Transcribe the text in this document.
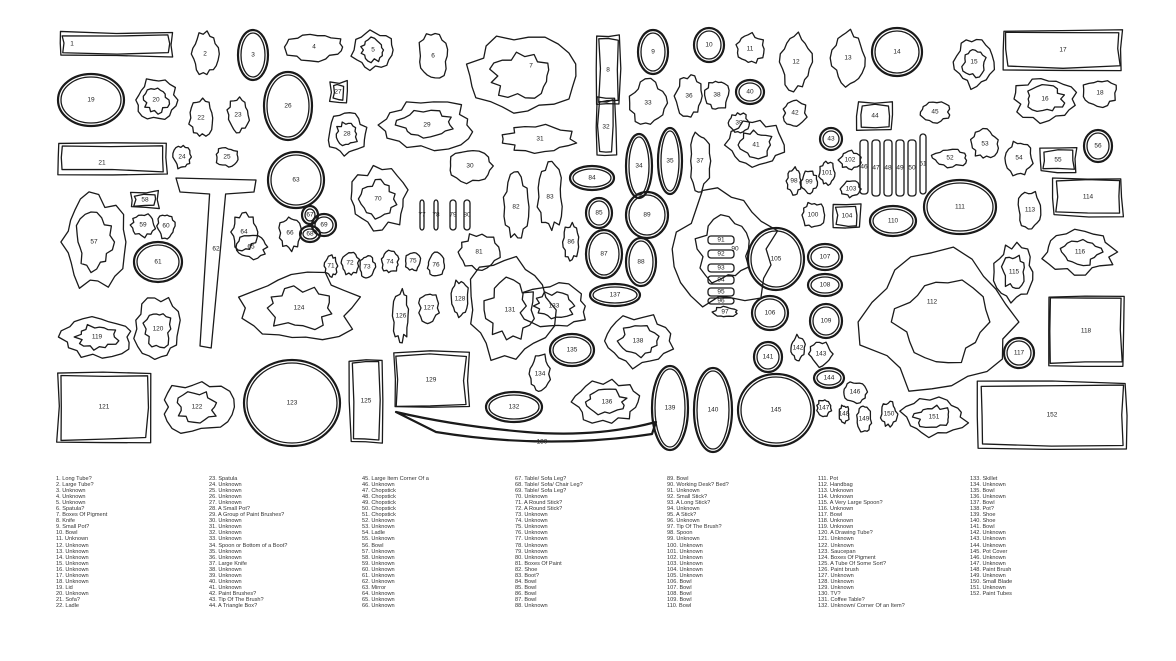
1
2	3
4	5
6
7
8
9
10
11
12
13
14
15
16
17
18
19	20
21
22	23
24	25
26
27
28
29
30
31
32
33
34
35
36
37
38
39
40
41
42
43
44
45
46 47 48 49 50
51
52
53
54	55
56
57
58
59 60
61
62
63
64
65
66
67
68
69
70
71 72
73
74 75
76
77 78 79 80
81
82
83
84
85
86
87
88
89
90
91
92
93
94
95
96
97
98 99
100
101
102
103
104
105
106
107
108
109
110
111
112
113
114
115
116
117
118
119
120
121	122
123
124
125
126
127
128
129
130
131
132
133
134
135
136
137
138
139	140
141
142
143
144
145
146
147
148
149
150	151	152
1. Long Tube?
2. Large Tube?
3. Unknown
4. Unknown
5. Unknown
6. Spatula?
7. Boxes Of Pigment
8. Knife
9. Small Pot?
10. Bowl
11. Unknown
12. Unknown
13. Unknown
14. Unknown
15. Unknown
16. Unknown
17. Unknown
18. Unknown
19. Lid
20. Unknown
21. Sofa?
22. Ladle
23. Spatula
24. Unknown
25. Unknown
26. Unknown
27. Unknown
28. A Small Pot?
29. A Group of Paint Brushes?
30. Unknown
31. Unknown
32. Unknown
33. Unknown
34. Spoon or Bottom of a Boot?
35. Unknown
36. Unknown
37. Large Knife
38. Unknown
39. Unknown
40. Unknown
41. Unknown
42. Paint Brushes?
43. Tip Of The Brush?
44. A Triangle Box?
45. Large Item Corner Of a
46. Unknown
47. Chopstick
48. Chopstick
49. Chopstick
50. Chopstick
51. Chopstick
52. Unknown
53. Unknown
54. Ladle
55. Unknown
56. Bowl
57. Unknown
58. Unknown
59. Unknown
60. Unknown
61. Unknown
62. Unknown
63. Mirror
64. Unknown
65. Unknown
66. Unknown
67. Table/ Sofa Leg?
68. Table/ Sofa/ Chair Leg?
69. Table/ Sofa Leg?
70. Unknown
71. A Round Stick?
72. A Round Stick?
73. Unknown
74. Unknown
75. Unknown
76. Unknown
77. Unknown
78. Unknown
79. Unknown
80. Unknown
81. Boxes Of Paint
82. Shoe
83. Boot?
84. Bowl
85. Bowl
86. Bowl
87. Bowl
88. Unknown
89. Bowl
90. Working Desk? Bed?
91. Unknown
92. Small Stick?
93. A Long Stick?
94. Unknown
95. A Stick?
96. Unknown
97. Tip Of The Brush?
98. Spoon
99. Unknown
100. Unknown
101. Unknown
102. Unknown
103. Unknown
104. Unknown
105. Unknown
106. Bowl
107. Bowl
108. Bowl
109. Bowl
110. Bowl
111. Pot
112. Handbag
113. Unknown
114. Unknown
115. A Very Large Spoon?
116. Unknown
117. Bowl
118. Unknown
119. Unknown
120. A Drawing Tube?
121. Unknown
122. Unknown
123. Saucepan
124. Boxes Of Pigment
125. A Tube Of Some Sort?
126. Paint brush
127. Unknown
128. Unknown
129. Unknown
130. TV?
131. Coffee Table?
132. Unknown/ Corner Of an Item?
133. Skillet
134. Unknown
135. Bowl
136. Unknown
137. Bowl
138. Pot?
139. Shoe
140. Shoe
141. Bowl
142. Unknown
143. Unknown
144. Unknown
145. Pot Cover
146. Unknown
147. Unknown
148. Paint Brush
149. Unknown
150. Small Blade
151. Unknown
152. Paint Tubes
